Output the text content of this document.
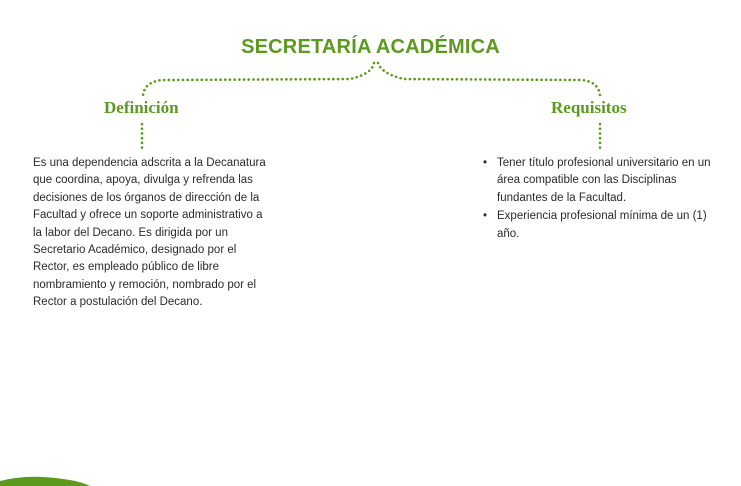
SECRETARÍA ACADÉMICA
Definición	Requisitos

Es una dependencia adscrita a la Decanatura que coordina, apoya, divulga y refrenda las decisiones de los órganos de dirección de la Facultad y ofrece un soporte administrativo a la labor del Decano. Es dirigida por un Secretario Académico, designado por el Rector, es empleado público de libre nombramiento y remoción, nombrado por el Rector a postulación del Decano.

• Tener título profesional universitario en un área compatible con las Disciplinas fundantes de la Facultad.
• Experiencia profesional mínima de un (1) año.
